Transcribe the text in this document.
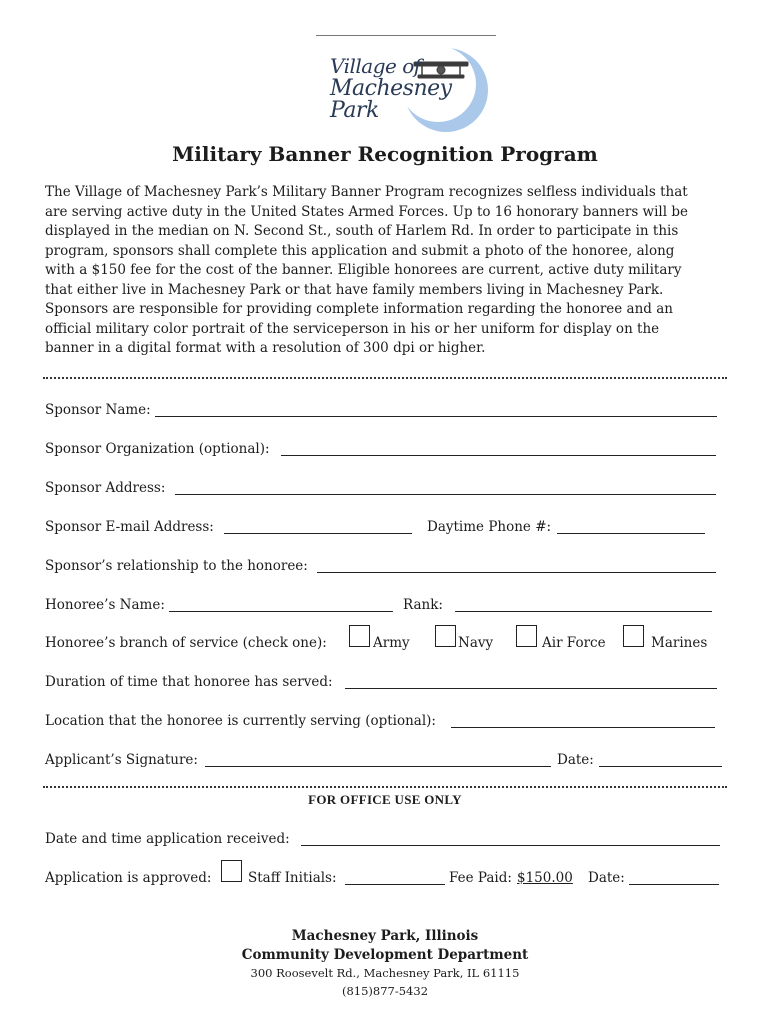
Village of
Machesney Park
Military Banner Recognition Program

The Village of Machesney Park’s Military Banner Program recognizes selfless individuals that

are serving active duty in the United States Armed Forces. Up to 16 honorary banners will be

displayed in the median on N. Second St., south of Harlem Rd. In order to participate in this

program, sponsors shall complete this application and submit a photo of the honoree, along

with a $150 fee for the cost of the banner. Eligible honorees are current, active duty military

that either live in Machesney Park or that have family members living in Machesney Park.

Sponsors are responsible for providing complete information regarding the honoree and an

official military color portrait of the serviceperson in his or her uniform for display on the

banner in a digital format with a resolution of 300 dpi or higher.

Sponsor Name:
Sponsor Organization (optional):
Sponsor Address:
Sponsor E-mail Address:	Daytime Phone #:
Sponsor’s relationship to the honoree:
Honoree’s Name:	Rank:
Honoree’s branch of service (check one):	Army	Navy	Air Force	Marines
Duration of time that honoree has served:
Location that the honoree is currently serving (optional):
Applicant’s Signature:	Date:
FOR OFFICE USE ONLY
Date and time application received:
Application is approved:	Staff Initials:	Fee Paid: $150.00 Date:
Machesney Park, Illinois
Community Development Department
300 Roosevelt Rd., Machesney Park, IL 61115
(815)877-5432
